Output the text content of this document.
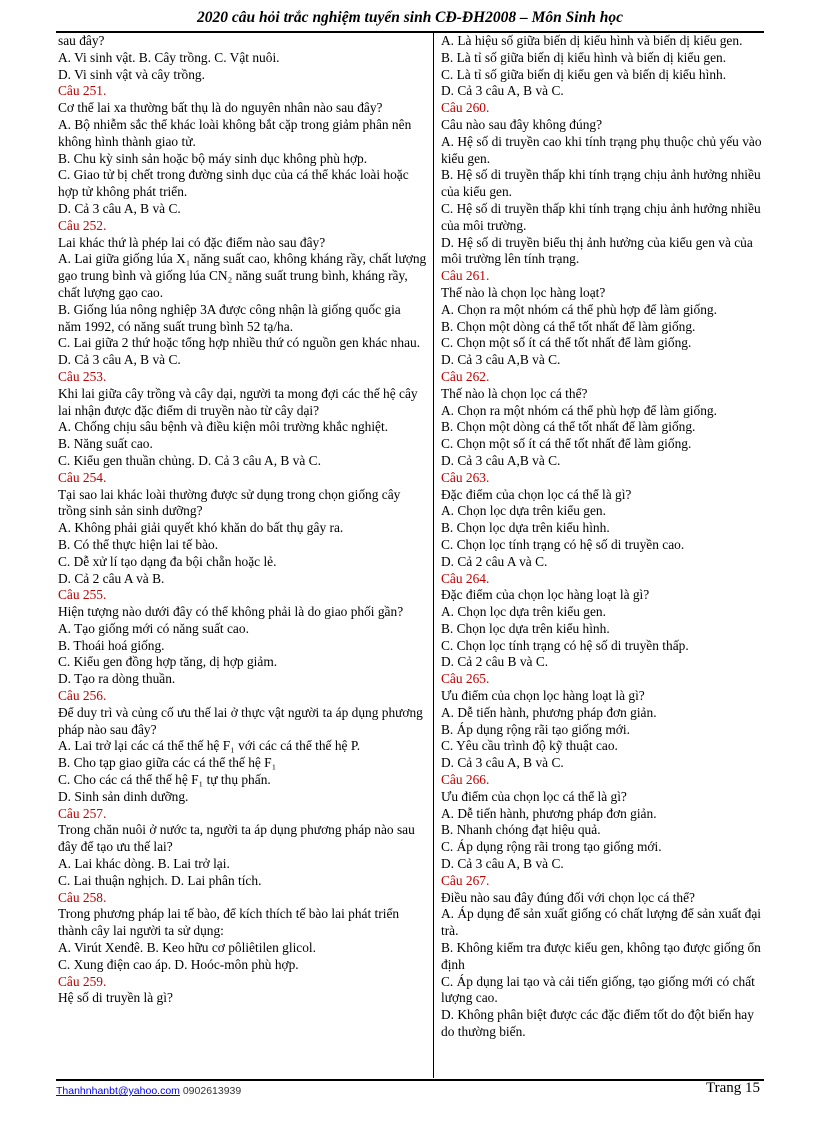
2020 câu hỏi trắc nghiệm tuyển sinh CĐ-ĐH2008 – Môn Sinh học

sau đây?

A. Vi sinh vật. B. Cây trồng. C. Vật nuôi.

D. Vi sinh vật và cây trồng.

Câu 251.

Cơ thể lai xa thường bất thụ là do nguyên nhân nào sau đây?

A. Bộ nhiễm sắc thể khác loài không bắt cặp trong giảm phân nên không hình thành giao tử.

B. Chu kỳ sinh sản hoặc bộ máy sinh dục không phù hợp.

C. Giao tử bị chết trong đường sinh dục của cá thể khác loài hoặc hợp tử không phát triển.

D. Cả 3 câu A, B và C.

Câu 252.

Lai khác thứ là phép lai có đặc điểm nào sau đây?

A. Lai giữa giống lúa X₁ năng suất cao, không kháng rầy, chất lượng gạo trung bình và giống lúa CN₂ năng suất trung bình, kháng rầy, chất lượng gạo cao.

B. Giống lúa nông nghiệp 3A được công nhận là giống quốc gia năm 1992, có năng suất trung bình 52 tạ/ha.

C. Lai giữa 2 thứ hoặc tổng hợp nhiều thứ có nguồn gen khác nhau.

D. Cả 3 câu A, B và C.

Câu 253.

Khi lai giữa cây trồng và cây dại, người ta mong đợi các thế hệ cây lai nhận được đặc điểm di truyền nào từ cây dại?

A. Chống chịu sâu bệnh và điều kiện môi trường khắc nghiệt.

B. Năng suất cao.

C. Kiểu gen thuần chủng. D. Cả 3 câu A, B và C.

Câu 254.

Tại sao lai khác loài thường được sử dụng trong chọn giống cây trồng sinh sản sinh dưỡng?

A. Không phải giải quyết khó khăn do bất thụ gây ra.

B. Có thể thực hiện lai tế bào.

C. Dễ xử lí tạo dạng đa bội chẵn hoặc lẻ.

D. Cả 2 câu A và B.

Câu 255.

Hiện tượng nào dưới đây có thể không phải là do giao phối gần?

A. Tạo giống mới có năng suất cao.

B. Thoái hoá giống.

C. Kiểu gen đồng hợp tăng, dị hợp giảm.

D. Tạo ra dòng thuần.

Câu 256.

Để duy trì và củng cố ưu thế lai ở thực vật người ta áp dụng phương pháp nào sau đây?

A. Lai trở lại các cá thể thế hệ F₁ với các cá thể thế hệ P.

B. Cho tạp giao giữa các cá thể thế hệ F₁

C. Cho các cá thể thế hệ F₁ tự thụ phấn.

D. Sinh sản dinh dưỡng.

Câu 257.

Trong chăn nuôi ở nước ta, người ta áp dụng phương pháp nào sau đây để tạo ưu thế lai?

A. Lai khác dòng. B. Lai trở lại.

C. Lai thuận nghịch. D. Lai phân tích.

Câu 258.

Trong phương pháp lai tế bào, để kích thích tế bào lai phát triển thành cây lai người ta sử dụng:

A. Virút Xenđê. B. Keo hữu cơ pôliêtilen glicol.

C. Xung điện cao áp. D. Hoóc-môn phù hợp.

Câu 259.

Hệ số di truyền là gì?

A. Là hiệu số giữa biến dị kiểu hình và biến dị kiểu gen.

B. Là tỉ số giữa biến dị kiểu hình và biến dị kiểu gen.

C. Là tỉ số giữa biến dị kiểu gen và biến dị kiểu hình.

D. Cả 3 câu A, B và C.

Câu 260.

Câu nào sau đây không đúng?

A. Hệ số di truyền cao khi tính trạng phụ thuộc chủ yếu vào kiểu gen.

B. Hệ số di truyền thấp khi tính trạng chịu ảnh hưởng nhiều của kiểu gen.

C. Hệ số di truyền thấp khi tính trạng chịu ảnh hưởng nhiều của môi trường.

D. Hệ số di truyền biểu thị ảnh hưởng của kiểu gen và của môi trường lên tính trạng.

Câu 261.

Thế nào là chọn lọc hàng loạt?

A. Chọn ra một nhóm cá thể phù hợp để làm giống.

B. Chọn một dòng cá thể tốt nhất để làm giống.

C. Chọn một số ít cá thể tốt nhất để làm giống.

D. Cả 3 câu A,B và C.

Câu 262.

Thế nào là chọn lọc cá thể?

A. Chọn ra một nhóm cá thể phù hợp để làm giống.

B. Chọn một dòng cá thể tốt nhất để làm giống.

C. Chọn một số ít cá thể tốt nhất để làm giống.

D. Cả 3 câu A,B và C.

Câu 263.

Đặc điểm của chọn lọc cá thể là gì?

A. Chọn lọc dựa trên kiểu gen.

B. Chọn lọc dựa trên kiểu hình.

C. Chọn lọc tính trạng có hệ số di truyền cao.

D. Cả 2 câu A và C.

Câu 264.

Đặc điểm của chọn lọc hàng loạt là gì?

A. Chọn lọc dựa trên kiểu gen.

B. Chọn lọc dựa trên kiểu hình.

C. Chọn lọc tính trạng có hệ số di truyền thấp.

D. Cả 2 câu B và C.

Câu 265.

Ưu điểm của chọn lọc hàng loạt là gì?

A. Dễ tiến hành, phương pháp đơn giản.

B. Áp dụng rộng rãi tạo giống mới.

C. Yêu cầu trình độ kỹ thuật cao.

D. Cả 3 câu A, B và C.

Câu 266.

Ưu điểm của chọn lọc cá thể là gì?

A. Dễ tiến hành, phương pháp đơn giản.

B. Nhanh chóng đạt hiệu quả.

C. Áp dụng rộng rãi trong tạo giống mới.

D. Cả 3 câu A, B và C.

Câu 267.

Điều nào sau đây đúng đối với chọn lọc cá thể?

A. Áp dụng để sản xuất giống có chất lượng để sản xuất đại trà.

B. Không kiểm tra được kiểu gen, không tạo được giống ổn định

C. Áp dụng lai tạo và cải tiến giống, tạo giống mới có chất lượng cao.

D. Không phân biệt được các đặc điểm tốt do đột biến hay do thường biến.

Thanhnhanbt@yahoo.com 0902613939	Trang 15
